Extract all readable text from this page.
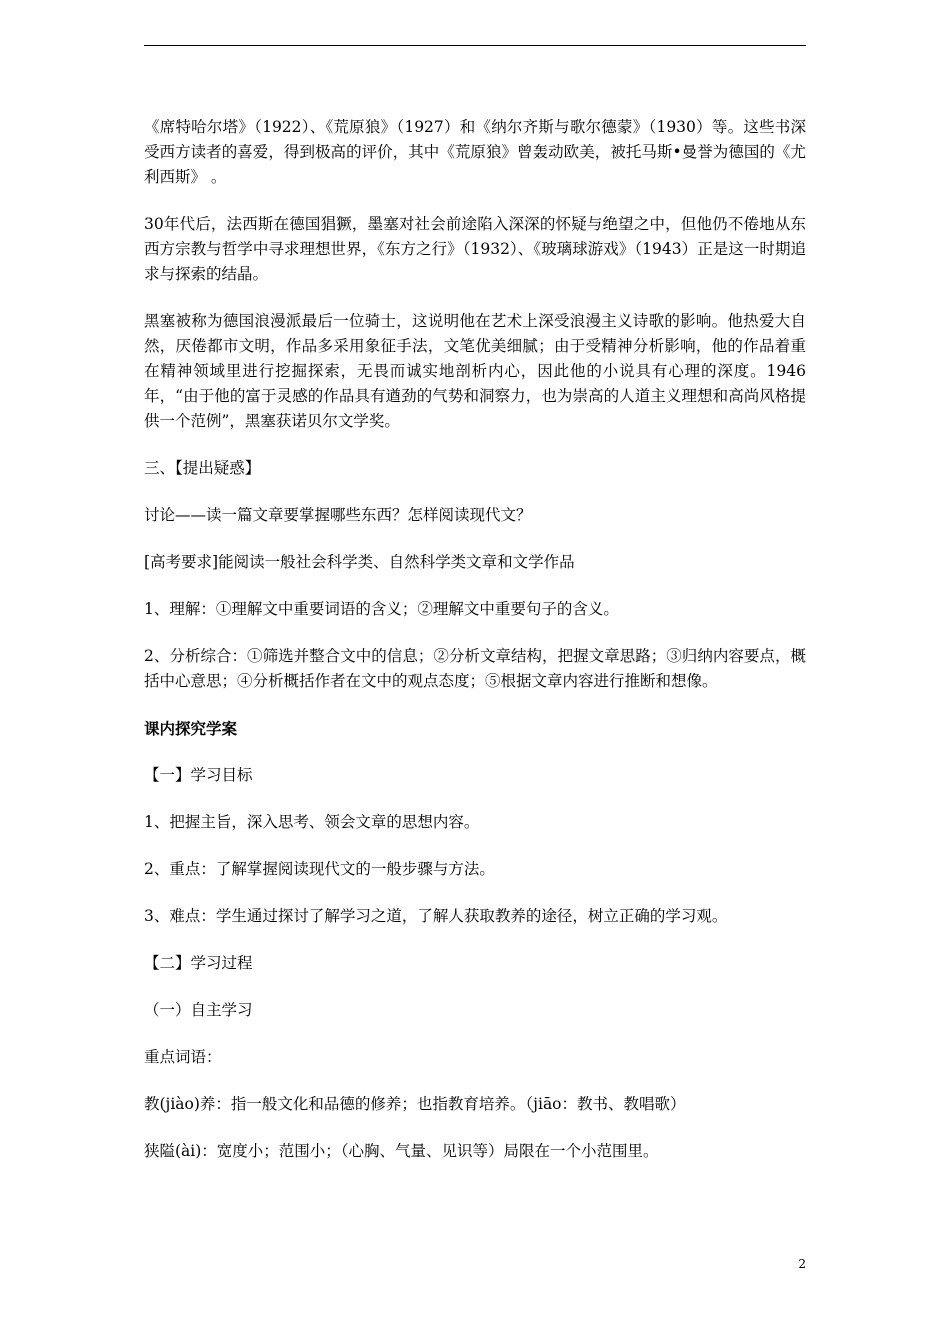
《席特哈尔塔》（1922）、《荒原狼》（1927）和《纳尔齐斯与歌尔德蒙》（1930）等。这些书深受西方读者的喜爱，得到极高的评价，其中《荒原狼》曾轰动欧美，被托马斯•曼誉为德国的《尤利西斯》 。

30年代后，法西斯在德国猖獗，墨塞对社会前途陷入深深的怀疑与绝望之中，但他仍不倦地从东西方宗教与哲学中寻求理想世界，《东方之行》（1932）、《玻璃球游戏》（1943）正是这一时期追求与探索的结晶。

黑塞被称为德国浪漫派最后一位骑士，这说明他在艺术上深受浪漫主义诗歌的影响。他热爱大自然，厌倦都市文明，作品多采用象征手法，文笔优美细腻；由于受精神分析影响，他的作品着重在精神领域里进行挖掘探索，无畏而诚实地剖析内心，因此他的小说具有心理的深度。1946年，“由于他的富于灵感的作品具有遒劲的气势和洞察力，也为崇高的人道主义理想和高尚风格提供一个范例”，黑塞获诺贝尔文学奖。

三、【提出疑惑】

讨论——读一篇文章要掌握哪些东西？怎样阅读现代文？

[高考要求]能阅读一般社会科学类、自然科学类文章和文学作品

1、理解：①理解文中重要词语的含义；②理解文中重要句子的含义。

2、分析综合：①筛选并整合文中的信息；②分析文章结构，把握文章思路；③归纳内容要点，概括中心意思；④分析概括作者在文中的观点态度；⑤根据文章内容进行推断和想像。

课内探究学案

【一】学习目标

1、把握主旨，深入思考、领会文章的思想内容。

2、重点：了解掌握阅读现代文的一般步骤与方法。

3、难点：学生通过探讨了解学习之道，了解人获取教养的途径，树立正确的学习观。

【二】学习过程

（一）自主学习

重点词语：

教(jiào)养：指一般文化和品德的修养；也指教育培养。（jiāo：教书、教唱歌）

狭隘(ài)：宽度小；范围小；（心胸、气量、见识等）局限在一个小范围里。

2
